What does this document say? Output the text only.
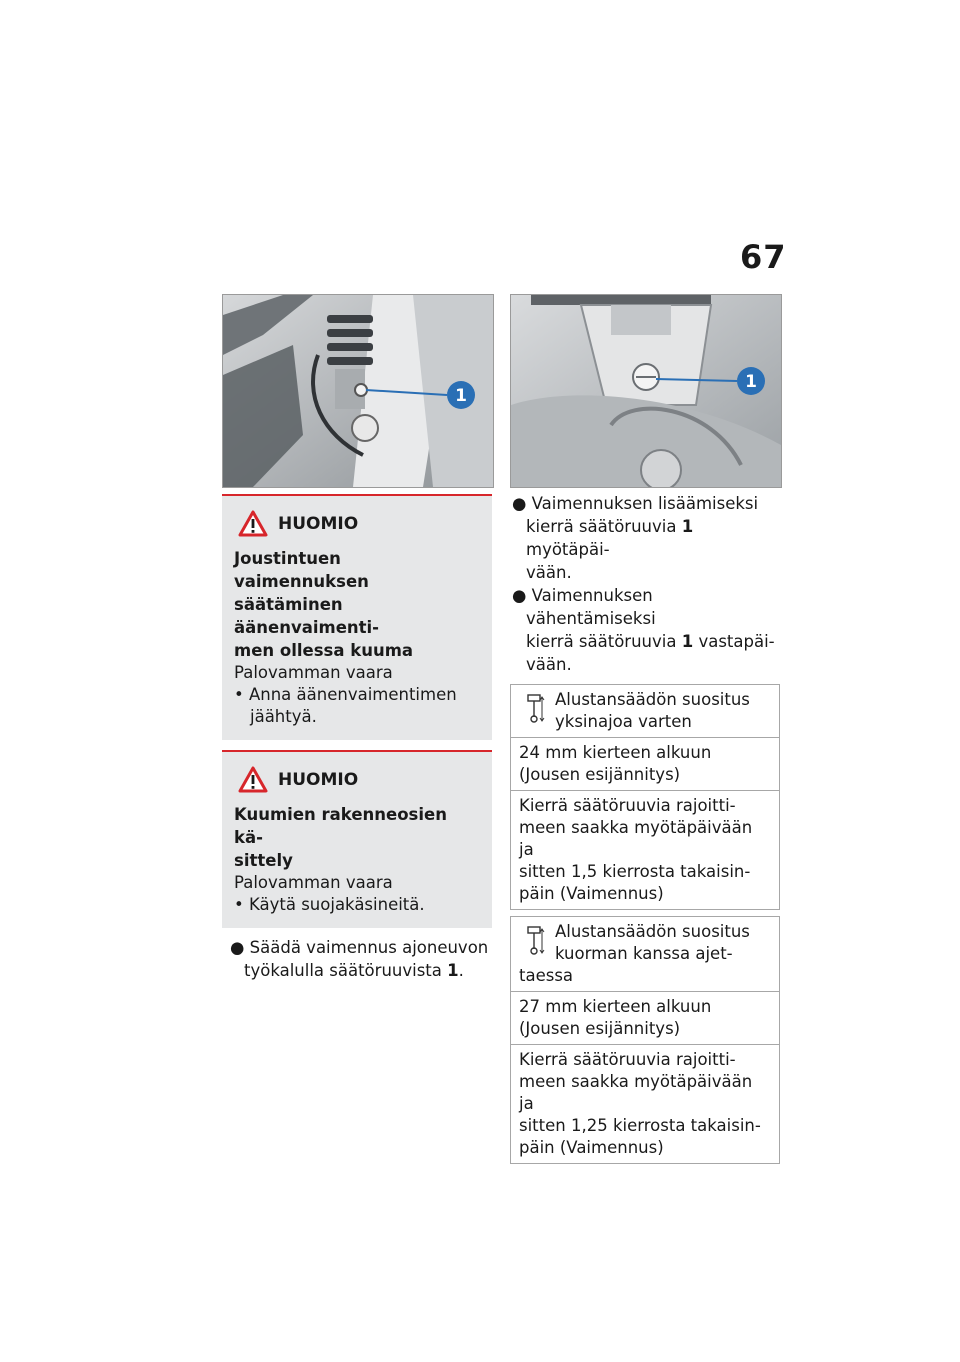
67
1
HUOMIO
Joustintuen vaimennuksen
säätäminen äänenvaimenti-
men ollessa kuuma
Palovamman vaara
• Anna äänenvaimentimen
jäähtyä.
HUOMIO
Kuumien rakenneosien kä-
sittely
Palovamman vaara
• Käytä suojakäsineitä.
● Säädä vaimennus ajoneuvon
työkalulla säätöruuvista 1.
1
● Vaimennuksen lisäämiseksi
kierrä säätöruuvia 1 myötäpäi-
vään.
● Vaimennuksen vähentämiseksi
kierrä säätöruuvia 1 vastapäi-
vään.
Alustansäädön suositus
yksinajoa varten

24 mm kierteen alkuun
(Jousen esijännitys)

Kierrä säätöruuvia rajoitti-
meen saakka myötäpäivään ja
sitten 1,5 kierrosta takaisin-
päin (Vaimennus)
Alustansäädön suositus
kuorman kanssa ajet-
taessa

27 mm kierteen alkuun
(Jousen esijännitys)

Kierrä säätöruuvia rajoitti-
meen saakka myötäpäivään ja
sitten 1,25 kierrosta takaisin-
päin (Vaimennus)
